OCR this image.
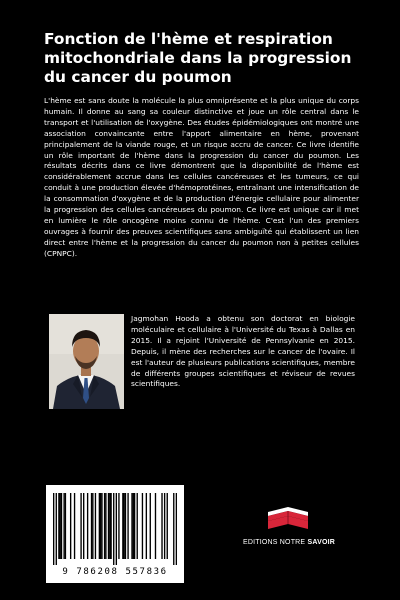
Fonction de l'hème et respiration mitochondriale dans la progression du cancer du poumon

L'hème est sans doute la molécule la plus omniprésente et la plus unique du corps humain. Il donne au sang sa couleur distinctive et joue un rôle central dans le transport et l'utilisation de l'oxygène. Des études épidémiologiques ont montré une association convaincante entre l'apport alimentaire en hème, provenant principalement de la viande rouge, et un risque accru de cancer. Ce livre identifie un rôle important de l'hème dans la progression du cancer du poumon. Les résultats décrits dans ce livre démontrent que la disponibilité de l'hème est considérablement accrue dans les cellules cancéreuses et les tumeurs, ce qui conduit à une production élevée d'hémoprotéines, entraînant une intensification de la consommation d'oxygène et de la production d'énergie cellulaire pour alimenter la progression des cellules cancéreuses du poumon. Ce livre est unique car il met en lumière le rôle oncogène moins connu de l'hème. C'est l'un des premiers ouvrages à fournir des preuves scientifiques sans ambiguïté qui établissent un lien direct entre l'hème et la progression du cancer du poumon non à petites cellules (CPNPC).

Jagmohan Hooda a obtenu son doctorat en biologie moléculaire et cellulaire à l'Université du Texas à Dallas en 2015. Il a rejoint l'Université de Pennsylvanie en 2015. Depuis, il mène des recherches sur le cancer de l'ovaire. Il est l'auteur de plusieurs publications scientifiques, membre de différents groupes scientifiques et réviseur de revues scientifiques.

9 786208 557836
EDITIONS NOTRE SAVOIR
